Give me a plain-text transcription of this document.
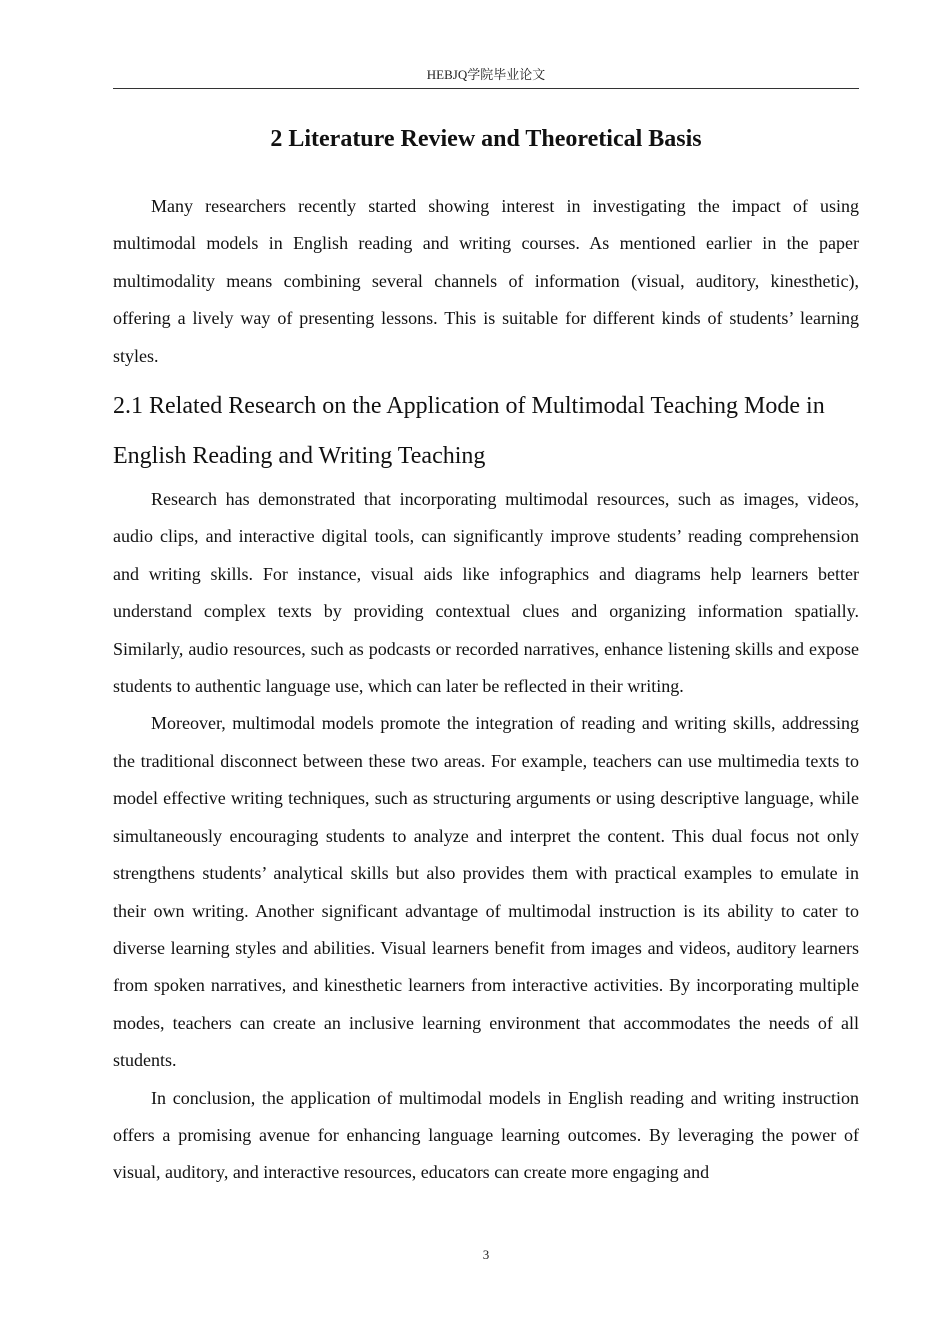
HEBJQ学院毕业论文
2 Literature Review and Theoretical Basis

Many researchers recently started showing interest in investigating the impact of using multimodal models in English reading and writing courses. As mentioned earlier in the paper multimodality means combining several channels of information (visual, auditory, kinesthetic), offering a lively way of presenting lessons. This is suitable for different kinds of students’ learning styles.

2.1 Related Research on the Application of Multimodal Teaching Mode in English Reading and Writing Teaching

Research has demonstrated that incorporating multimodal resources, such as images, videos, audio clips, and interactive digital tools, can significantly improve students’ reading comprehension and writing skills. For instance, visual aids like infographics and diagrams help learners better understand complex texts by providing contextual clues and organizing information spatially. Similarly, audio resources, such as podcasts or recorded narratives, enhance listening skills and expose students to authentic language use, which can later be reflected in their writing.

Moreover, multimodal models promote the integration of reading and writing skills, addressing the traditional disconnect between these two areas. For example, teachers can use multimedia texts to model effective writing techniques, such as structuring arguments or using descriptive language, while simultaneously encouraging students to analyze and interpret the content. This dual focus not only strengthens students’ analytical skills but also provides them with practical examples to emulate in their own writing. Another significant advantage of multimodal instruction is its ability to cater to diverse learning styles and abilities. Visual learners benefit from images and videos, auditory learners from spoken narratives, and kinesthetic learners from interactive activities. By incorporating multiple modes, teachers can create an inclusive learning environment that accommodates the needs of all students.

In conclusion, the application of multimodal models in English reading and writing instruction offers a promising avenue for enhancing language learning outcomes. By leveraging the power of visual, auditory, and interactive resources, educators can create more engaging and

3
